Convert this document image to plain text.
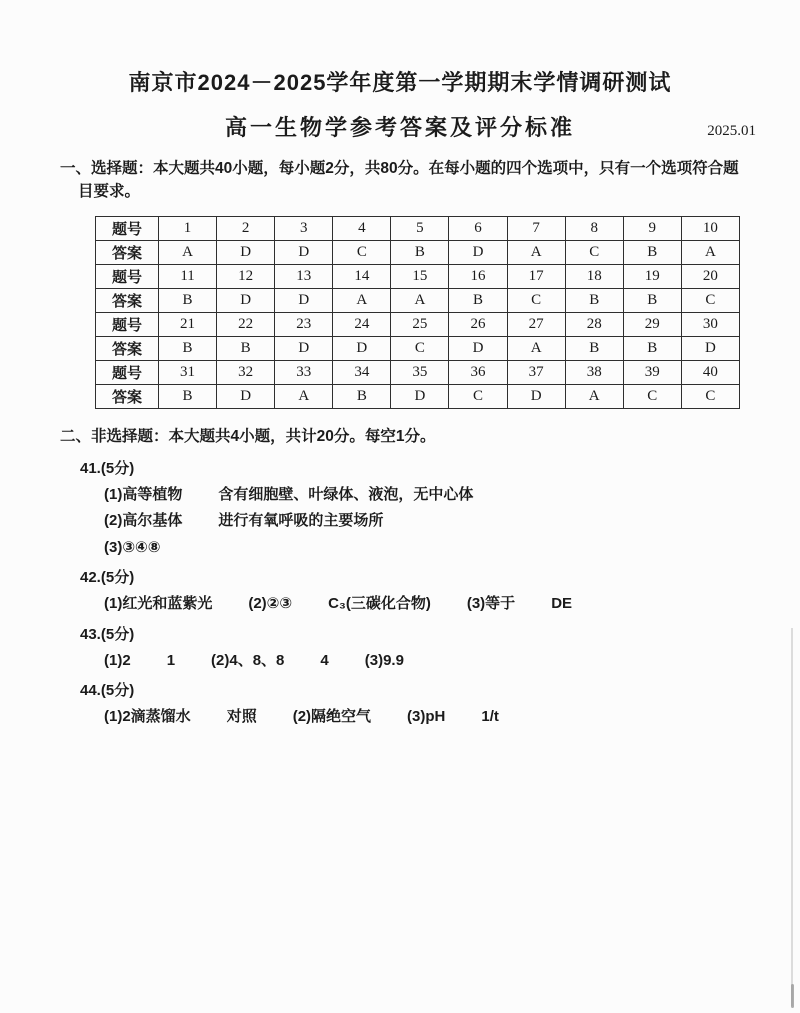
南京市2024－2025学年度第一学期期末学情调研测试
高一生物学参考答案及评分标准	2025.01
一、选择题：本大题共40小题，每小题2分，共80分。在每小题的四个选项中，只有一个选项符合题目要求。
题号	1	2	3	4	5	6	7	8	9	10
答案	A	D	D	C	B	D	A	C	B	A
题号	11	12	13	14	15	16	17	18	19	20
答案	B	D	D	A	A	B	C	B	B	C
题号	21	22	23	24	25	26	27	28	29	30
答案	B	B	D	D	C	D	A	B	B	D
题号	31	32	33	34	35	36	37	38	39	40
答案	B	D	A	B	D	C	D	A	C	C
二、非选择题：本大题共4小题，共计20分。每空1分。
41.(5分)
(1)高等植物 含有细胞壁、叶绿体、液泡，无中心体
(2)高尔基体 进行有氧呼吸的主要场所
(3)③④⑧
42.(5分)
(1)红光和蓝紫光 (2)②③ C₃(三碳化合物) (3)等于 DE
43.(5分)
(1)2 1 (2)4、8、8 4 (3)9.9
44.(5分)
(1)2滴蒸馏水 对照 (2)隔绝空气 (3)pH 1/t
